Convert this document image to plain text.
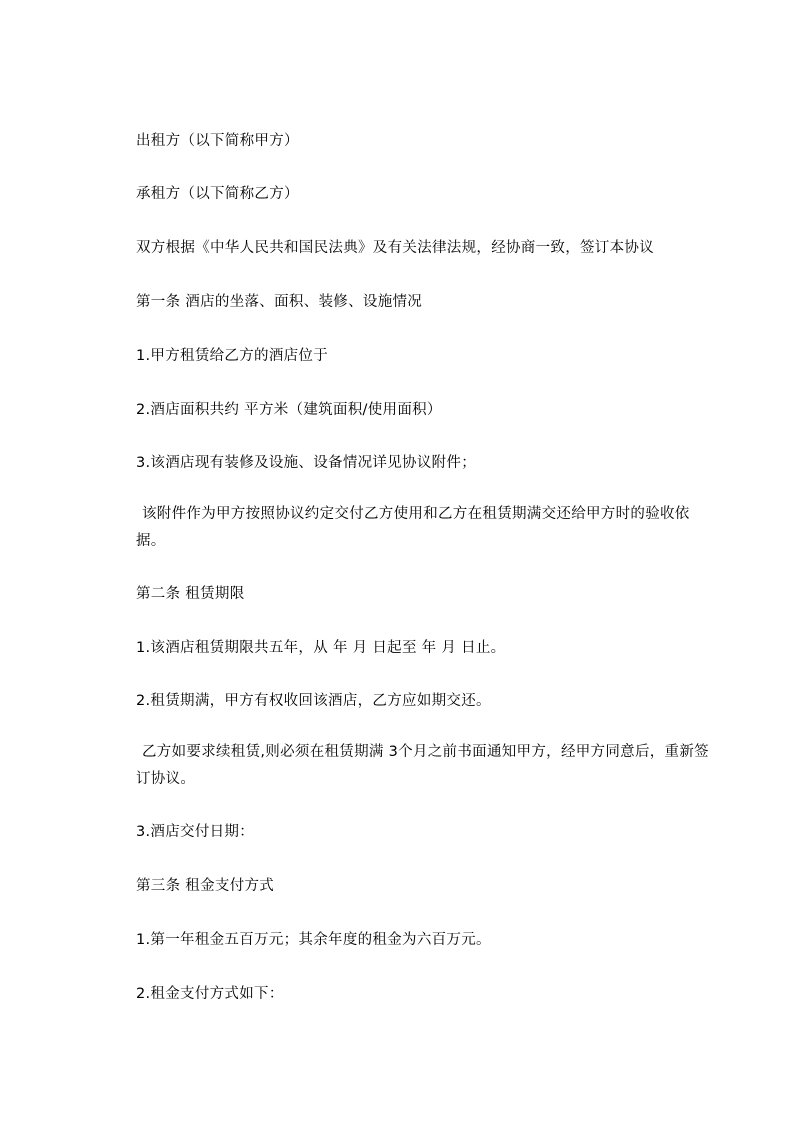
出租方（以下简称甲方）
承租方（以下简称乙方）
双方根据《中华人民共和国民法典》及有关法律法规，经协商一致，签订本协议
第一条 酒店的坐落、面积、装修、设施情况
1.甲方租赁给乙方的酒店位于
2.酒店面积共约 平方米（建筑面积/使用面积）
3.该酒店现有装修及设施、设备情况详见协议附件；
该附件作为甲方按照协议约定交付乙方使用和乙方在租赁期满交还给甲方时的验收依据。
第二条 租赁期限
1.该酒店租赁期限共五年，从 年 月 日起至 年 月 日止。
2.租赁期满，甲方有权收回该酒店，乙方应如期交还。
乙方如要求续租赁,则必须在租赁期满 3个月之前书面通知甲方，经甲方同意后，重新签订协议。
3.酒店交付日期：
第三条 租金支付方式
1.第一年租金五百万元；其余年度的租金为六百万元。
2.租金支付方式如下：
